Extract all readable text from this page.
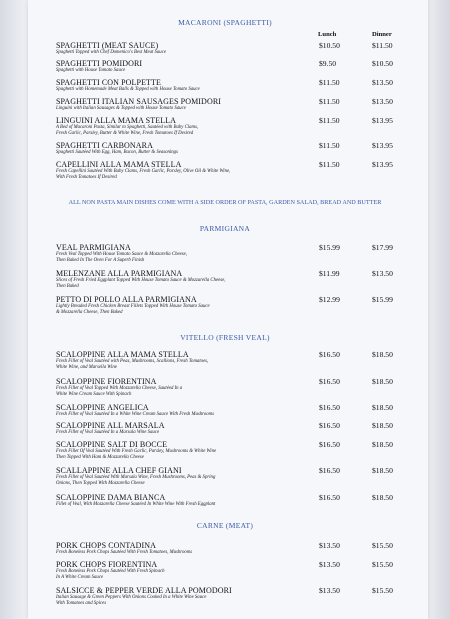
MACARONI (SPAGHETTI)
Lunch	Dinner
SPAGHETTI (MEAT SAUCE)	$10.50	$11.50
Spaghetti Topped with Chef Domenico's Best Meat Sauce
SPAGHETTI POMIDORI	$9.50	$10.50
Spaghetti with House Tomato Sauce
SPAGHETTI CON POLPETTE	$11.50	$13.50
Spaghetti with Homemade Meat Balls & Topped with House Tomato Sauce
SPAGHETTI ITALIAN SAUSAGES POMIDORI	$11.50	$13.50
Linguini with Italian Sausages & Topped with House Tomato Sauce
LINGUINI ALLA MAMA STELLA	$11.50	$13.95
A Bed of Macaroni Pasta, Similar to Spaghetti, Sautéed with Baby Clams,
Fresh Garlic, Parsley, Butter & White Wine, Fresh Tomatoes If Desired
SPAGHETTI CARBONARA	$11.50	$13.95
Spaghetti Sautéed With Egg, Ham, Bacon, Butter & Seasonings
CAPELLINI ALLA MAMA STELLA	$11.50	$13.95
Fresh Capellini Sautéed With Baby Clams, Fresh Garlic, Parsley, Olive Oil & White Wine,
With Fresh Tomatoes If Desired
ALL NON PASTA MAIN DISHES COME WITH A SIDE ORDER OF PASTA, GARDEN SALAD, BREAD AND BUTTER
PARMIGIANA
VEAL PARMIGIANA	$15.99	$17.99
Fresh Veal Topped With House Tomato Sauce & Mozzarella Cheese,
Then Baked In The Oven For A Superb Finish
MELENZANE ALLA PARMIGIANA	$11.99	$13.50
Slices of Fresh Fried Eggplant Topped With House Tomato Sauce & Mozzarella Cheese,
Then Baked
PETTO DI POLLO ALLA PARMIGIANA	$12.99	$15.99
Lightly Breaded Fresh Chicken Breast Fillets Topped With House Tomato Sauce
& Mozzarella Cheese, Then Baked
VITELLO (FRESH VEAL)
SCALOPPINE ALLA MAMA STELLA	$16.50	$18.50
Fresh Fillet of Veal Sautéed with Peas, Mushrooms, Scallions, Fresh Tomatoes,
White Wine, and Marsella Wine
SCALOPPINE FIORENTINA	$16.50	$18.50
Fresh Fillet of Veal Topped With Mozzarella Cheese, Sautéed In a
White Wine Cream Sauce With Spinach
SCALOPPINE ANGELICA	$16.50	$18.50
Fresh Fillet of Veal Sautéed In a White Wine Cream Sauce With Fresh Mushrooms
SCALOPPINE ALL MARSALA	$16.50	$18.50
Fresh Fillet of Veal Sautéed In a Marsala Wine Sauce
SCALOPPINE SALT DI BOCCE	$16.50	$18.50
Fresh Fillet Of Veal Sautéed With Fresh Garlic, Parsley, Mushrooms & White Wine
Then Topped With Ham & Mozzarella Cheese
SCALLAPPINE ALLA CHEF GIANI	$16.50	$18.50
Fresh Fillet of Veal Sautéed With Marsala Wine, Fresh Mushrooms, Peas & Spring
Onions, Then Topped With Mozzarella Cheese
SCALOPPINE DAMA BIANCA	$16.50	$18.50
Fillet of Veal, With Mozzarella Cheese Sautéed In White Wine With Fresh Eggplant
CARNE (MEAT)
PORK CHOPS CONTADINA	$13.50	$15.50
Fresh Boneless Pork Chops Sautéed With Fresh Tomatoes, Mushrooms
PORK CHOPS FIORENTINA	$13.50	$15.50
Fresh Boneless Pork Chops Sautéed With Fresh Spinach
In A White Cream Sauce
SALSICCE & PEPPER VERDE ALLA POMODORI	$13.50	$15.50
Italian Sausage & Green Peppers With Onions Cooked In a White Wine Sauce
With Tomatoes and Spices
